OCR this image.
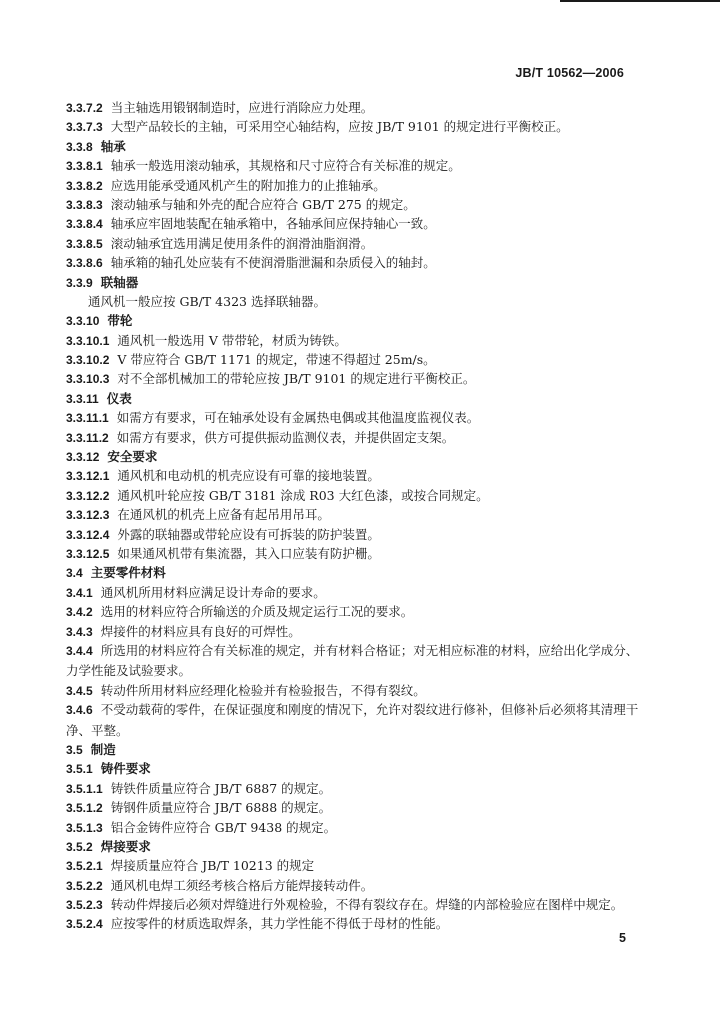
JB/T 10562—2006
3.3.7.2 当主轴选用锻钢制造时，应进行消除应力处理。
3.3.7.3 大型产品较长的主轴，可采用空心轴结构，应按 JB/T 9101 的规定进行平衡校正。
3.3.8 轴承
3.3.8.1 轴承一般选用滚动轴承，其规格和尺寸应符合有关标准的规定。
3.3.8.2 应选用能承受通风机产生的附加推力的止推轴承。
3.3.8.3 滚动轴承与轴和外壳的配合应符合 GB/T 275 的规定。
3.3.8.4 轴承应牢固地装配在轴承箱中，各轴承间应保持轴心一致。
3.3.8.5 滚动轴承宜选用满足使用条件的润滑油脂润滑。
3.3.8.6 轴承箱的轴孔处应装有不使润滑脂泄漏和杂质侵入的轴封。
3.3.9 联轴器
通风机一般应按 GB/T 4323 选择联轴器。
3.3.10 带轮
3.3.10.1 通风机一般选用 V 带带轮，材质为铸铁。
3.3.10.2 V 带应符合 GB/T 1171 的规定，带速不得超过 25m/s。
3.3.10.3 对不全部机械加工的带轮应按 JB/T 9101 的规定进行平衡校正。
3.3.11 仪表
3.3.11.1 如需方有要求，可在轴承处设有金属热电偶或其他温度监视仪表。
3.3.11.2 如需方有要求，供方可提供振动监测仪表，并提供固定支架。
3.3.12 安全要求
3.3.12.1 通风机和电动机的机壳应设有可靠的接地装置。
3.3.12.2 通风机叶轮应按 GB/T 3181 涂成 R03 大红色漆，或按合同规定。
3.3.12.3 在通风机的机壳上应备有起吊用吊耳。
3.3.12.4 外露的联轴器或带轮应设有可拆装的防护装置。
3.3.12.5 如果通风机带有集流器，其入口应装有防护栅。
3.4 主要零件材料
3.4.1 通风机所用材料应满足设计寿命的要求。
3.4.2 选用的材料应符合所输送的介质及规定运行工况的要求。
3.4.3 焊接件的材料应具有良好的可焊性。
3.4.4 所选用的材料应符合有关标准的规定，并有材料合格证；对无相应标准的材料，应给出化学成分、力学性能及试验要求。
3.4.5 转动件所用材料应经理化检验并有检验报告，不得有裂纹。
3.4.6 不受动载荷的零件，在保证强度和刚度的情况下，允许对裂纹进行修补，但修补后必须将其清理干净、平整。
3.5 制造
3.5.1 铸件要求
3.5.1.1 铸铁件质量应符合 JB/T 6887 的规定。
3.5.1.2 铸钢件质量应符合 JB/T 6888 的规定。
3.5.1.3 铝合金铸件应符合 GB/T 9438 的规定。
3.5.2 焊接要求
3.5.2.1 焊接质量应符合 JB/T 10213 的规定
3.5.2.2 通风机电焊工须经考核合格后方能焊接转动件。
3.5.2.3 转动件焊接后必须对焊缝进行外观检验，不得有裂纹存在。焊缝的内部检验应在图样中规定。
3.5.2.4 应按零件的材质选取焊条，其力学性能不得低于母材的性能。
5
